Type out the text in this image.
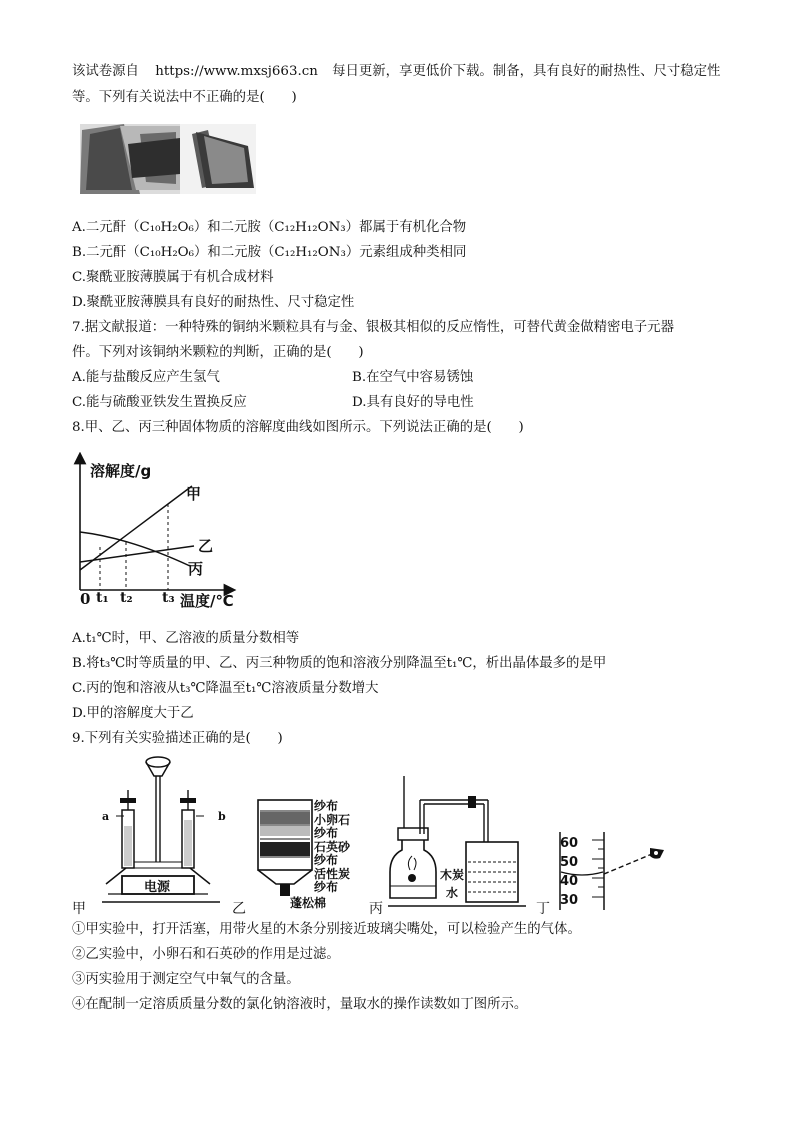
该试卷源自 https://www.mxsj663.cn 每日更新，享更低价下载。制备，具有良好的耐热性、尺寸稳定性
等。下列有关说法中不正确的是(　　)
A.二元酐（C₁₀H₂O₆）和二元胺（C₁₂H₁₂ON₃）都属于有机化合物
B.二元酐（C₁₀H₂O₆）和二元胺（C₁₂H₁₂ON₃）元素组成种类相同
C.聚酰亚胺薄膜属于有机合成材料
D.聚酰亚胺薄膜具有良好的耐热性、尺寸稳定性
7.据文献报道：一种特殊的铜纳米颗粒具有与金、银极其相似的反应惰性，可替代黄金做精密电子元器
件。下列对该铜纳米颗粒的判断，正确的是(　　)
A.能与盐酸反应产生氢气	B.在空气中容易锈蚀
C.能与硫酸亚铁发生置换反应	D.具有良好的导电性
8.甲、乙、丙三种固体物质的溶解度曲线如图所示。下列说法正确的是(　　)
溶解度/g
甲
乙
丙
0 t₁ t₂ t₃ 温度/℃
A.t₁℃时，甲、乙溶液的质量分数相等
B.将t₃℃时等质量的甲、乙、丙三种物质的饱和溶液分别降温至t₁℃，析出晶体最多的是甲
C.丙的饱和溶液从t₃℃降温至t₁℃溶液质量分数增大
D.甲的溶解度大于乙
9.下列有关实验描述正确的是(　　)
a	b
电源
甲
纱布
小卵石
纱布
石英砂
纱布
活性炭
纱布
蓬松棉
乙
木炭
水
丙
60
50
40
30
丁
①甲实验中，打开活塞，用带火星的木条分别接近玻璃尖嘴处，可以检验产生的气体。
②乙实验中，小卵石和石英砂的作用是过滤。
③丙实验用于测定空气中氧气的含量。
④在配制一定溶质质量分数的氯化钠溶液时，量取水的操作读数如丁图所示。
